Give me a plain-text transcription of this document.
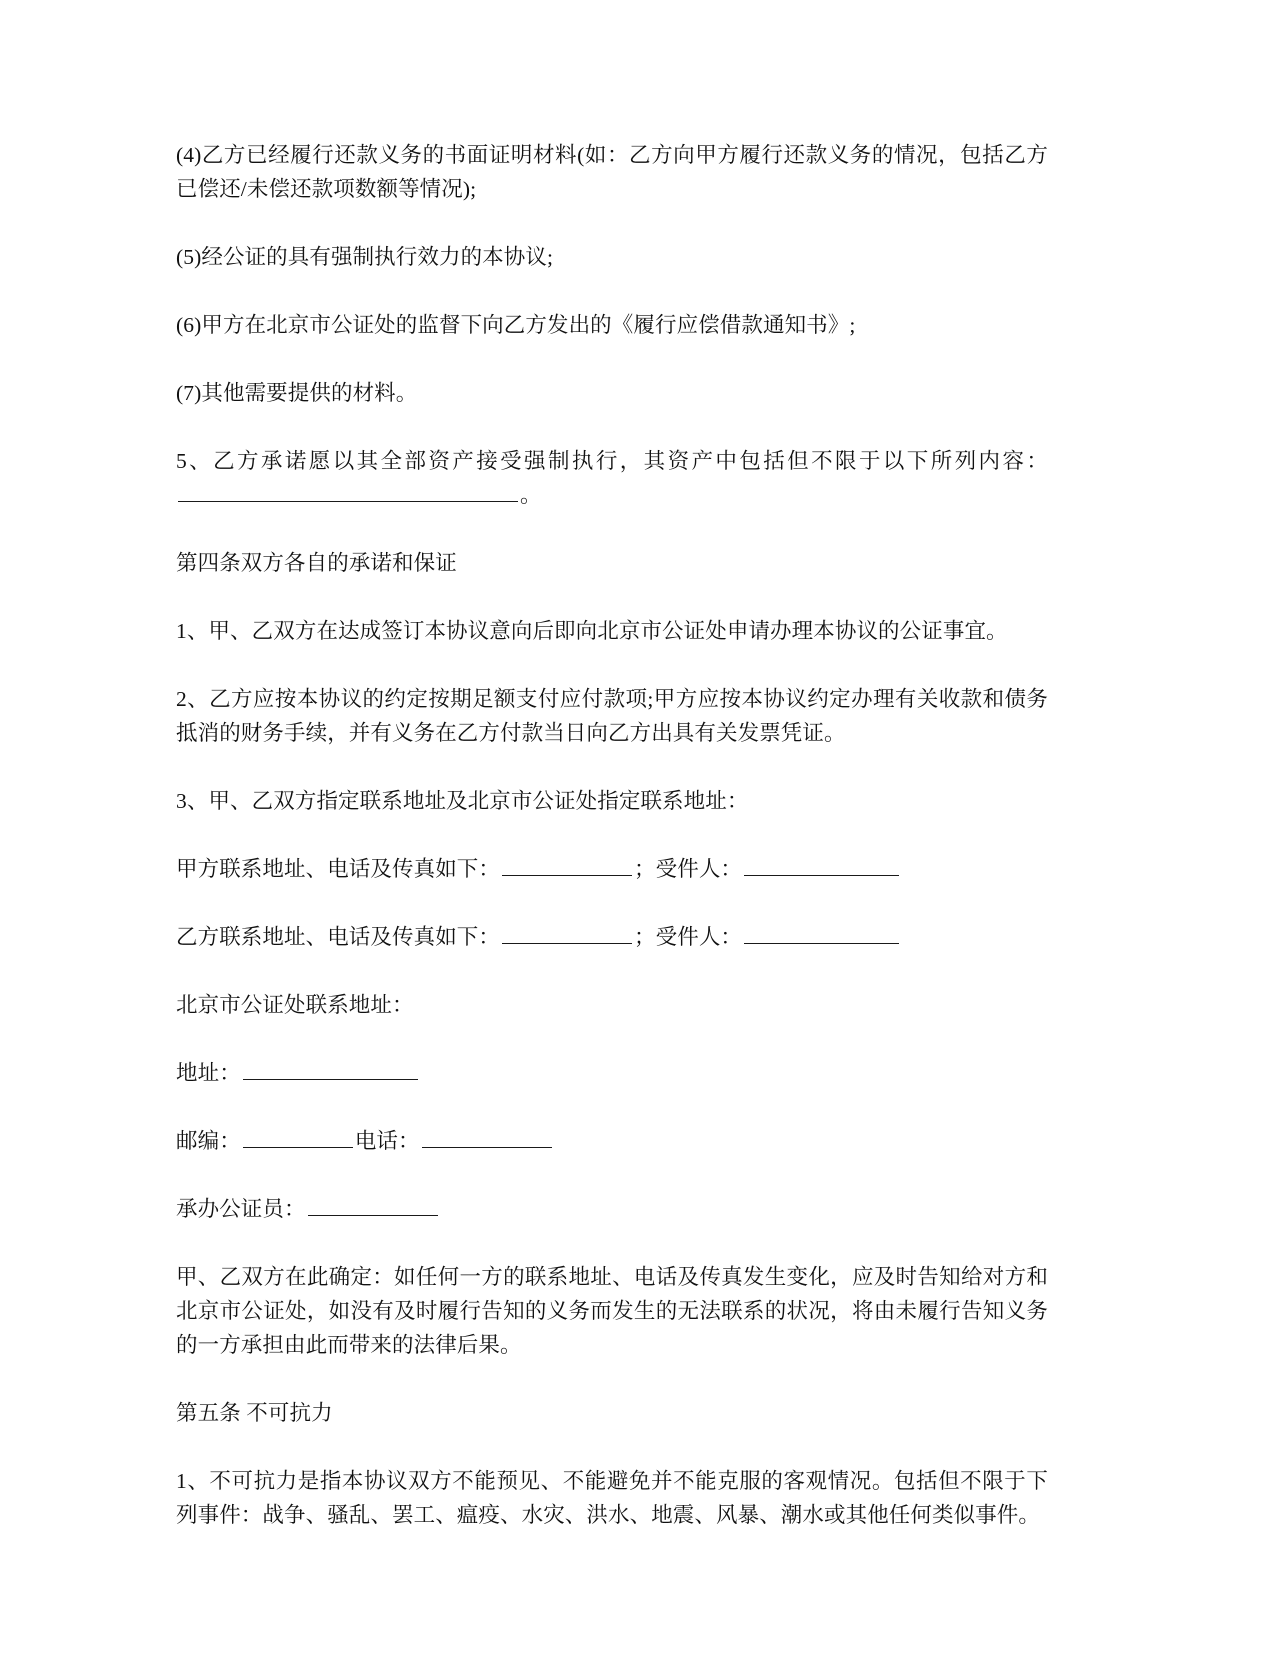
(4)乙方已经履行还款义务的书面证明材料(如：乙方向甲方履行还款义务的情况，包括乙方已偿还/未偿还款项数额等情况);

(5)经公证的具有强制执行效力的本协议;

(6)甲方在北京市公证处的监督下向乙方发出的《履行应偿借款通知书》;

(7)其他需要提供的材料。

5、乙方承诺愿以其全部资产接受强制执行，其资产中包括但不限于以下所列内容：。

第四条双方各自的承诺和保证

1、甲、乙双方在达成签订本协议意向后即向北京市公证处申请办理本协议的公证事宜。

2、乙方应按本协议的约定按期足额支付应付款项;甲方应按本协议约定办理有关收款和债务抵消的财务手续，并有义务在乙方付款当日向乙方出具有关发票凭证。

3、甲、乙双方指定联系地址及北京市公证处指定联系地址：

甲方联系地址、电话及传真如下：	；受件人：

乙方联系地址、电话及传真如下：	；受件人：

北京市公证处联系地址：

地址：

邮编：	电话：

承办公证员：

甲、乙双方在此确定：如任何一方的联系地址、电话及传真发生变化，应及时告知给对方和北京市公证处，如没有及时履行告知的义务而发生的无法联系的状况，将由未履行告知义务的一方承担由此而带来的法律后果。

第五条 不可抗力

1、不可抗力是指本协议双方不能预见、不能避免并不能克服的客观情况。包括但不限于下列事件：战争、骚乱、罢工、瘟疫、水灾、洪水、地震、风暴、潮水或其他任何类似事件。
